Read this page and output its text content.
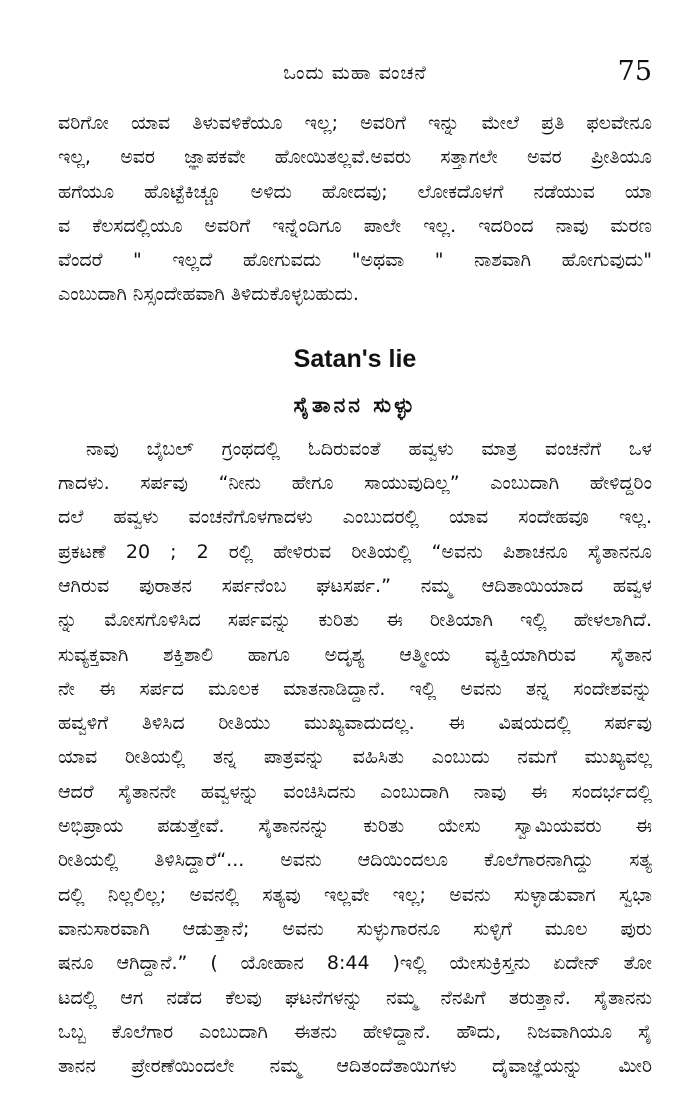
ಒಂದು ಮಹಾ ವಂಚನೆ	75
ವರಿಗೋ ಯಾವ ತಿಳುವಳಿಕೆಯೂ ಇಲ್ಲ; ಅವರಿಗೆ ಇನ್ನು ಮೇಲೆ ಪ್ರತಿ ಫಲವೇನೂ
ಇಲ್ಲ, ಅವರ ಜ್ಞಾಪಕವೇ ಹೋಯಿತಲ್ಲವೆ.ಅವರು ಸತ್ತಾಗಲೇ ಅವರ ಪ್ರೀತಿಯೂ
ಹಗೆಯೂ ಹೊಟ್ಟೆಕಿಚ್ಚೂ ಅಳಿದು ಹೋದವು; ಲೋಕದೊಳಗೆ ನಡೆಯುವ ಯಾ
ವ ಕೆಲಸದಲ್ಲಿಯೂ ಅವರಿಗೆ ಇನ್ನೆಂದಿಗೂ ಪಾಲೇ ಇಲ್ಲ. ಇದರಿಂದ ನಾವು ಮರಣ
ವೆಂದರೆ " ಇಲ್ಲದೆ ಹೋಗುವದು "ಅಥವಾ " ನಾಶವಾಗಿ ಹೋಗುವುದು"
ಎಂಬುದಾಗಿ ನಿಸ್ಸಂದೇಹವಾಗಿ ತಿಳಿದುಕೊಳ್ಳಬಹುದು.
Satan's lie
ಸೈತಾನನ ಸುಳ್ಳು
ನಾವು ಬೈಬಲ್ ಗ್ರಂಥದಲ್ಲಿ ಓದಿರುವಂತೆ ಹವ್ವಳು ಮಾತ್ರ ವಂಚನೆಗೆ ಒಳ
ಗಾದಳು. ಸರ್ಪವು “ನೀನು ಹೇಗೂ ಸಾಯುವುದಿಲ್ಲ” ಎಂಬುದಾಗಿ ಹೇಳಿದ್ದರಿಂ
ದಲೆ ಹವ್ವಳು ವಂಚನೆಗೊಳಗಾದಳು ಎಂಬುದರಲ್ಲಿ ಯಾವ ಸಂದೇಹವೂ ಇಲ್ಲ.
ಪ್ರಕಟಣೆ 20 ; 2 ರಲ್ಲಿ ಹೇಳಿರುವ ರೀತಿಯಲ್ಲಿ “ಅವನು ಪಿಶಾಚನೂ ಸೈತಾನನೂ
ಆಗಿರುವ ಪುರಾತನ ಸರ್ಪನೆಂಬ ಘಟಸರ್ಪ.” ನಮ್ಮ ಆದಿತಾಯಿಯಾದ ಹವ್ವಳ
ನ್ನು ಮೋಸಗೊಳಿಸಿದ ಸರ್ಪವನ್ನು ಕುರಿತು ಈ ರೀತಿಯಾಗಿ ಇಲ್ಲಿ ಹೇಳಲಾಗಿದೆ.
ಸುವ್ಯಕ್ತವಾಗಿ ಶಕ್ತಿಶಾಲಿ ಹಾಗೂ ಅದೃಶ್ಯ ಆತ್ಮೀಯ ವ್ಯಕ್ತಿಯಾಗಿರುವ ಸೈತಾನ
ನೇ ಈ ಸರ್ಪದ ಮೂಲಕ ಮಾತನಾಡಿದ್ದಾನೆ. ಇಲ್ಲಿ ಅವನು ತನ್ನ ಸಂದೇಶವನ್ನು
ಹವ್ವಳಿಗೆ ತಿಳಿಸಿದ ರೀತಿಯು ಮುಖ್ಯವಾದುದಲ್ಲ. ಈ ವಿಷಯದಲ್ಲಿ ಸರ್ಪವು
ಯಾವ ರೀತಿಯಲ್ಲಿ ತನ್ನ ಪಾತ್ರವನ್ನು ವಹಿಸಿತು ಎಂಬುದು ನಮಗೆ ಮುಖ್ಯವಲ್ಲ
ಆದರೆ ಸೈತಾನನೇ ಹವ್ವಳನ್ನು ವಂಚಿಸಿದನು ಎಂಬುದಾಗಿ ನಾವು ಈ ಸಂದರ್ಭದಲ್ಲಿ
ಅಭಿಪ್ರಾಯ ಪಡುತ್ತೇವೆ. ಸೈತಾನನನ್ನು ಕುರಿತು ಯೇಸು ಸ್ವಾಮಿಯವರು ಈ
ರೀತಿಯಲ್ಲಿ ತಿಳಿಸಿದ್ದಾರೆ“... ಅವನು ಆದಿಯಿಂದಲೂ ಕೊಲೆಗಾರನಾಗಿದ್ದು ಸತ್ಯ
ದಲ್ಲಿ ನಿಲ್ಲಲಿಲ್ಲ; ಅವನಲ್ಲಿ ಸತ್ಯವು ಇಲ್ಲವೇ ಇಲ್ಲ; ಅವನು ಸುಳ್ಳಾಡುವಾಗ ಸ್ವಭಾ
ವಾನುಸಾರವಾಗಿ ಆಡುತ್ತಾನೆ; ಅವನು ಸುಳ್ಳುಗಾರನೂ ಸುಳ್ಳಿಗೆ ಮೂಲ ಪುರು
ಷನೂ ಆಗಿದ್ದಾನೆ.” ( ಯೋಹಾನ 8:44 )ಇಲ್ಲಿ ಯೇಸುಕ್ರಿಸ್ತನು ಏದೇನ್ ತೋ
ಟದಲ್ಲಿ ಆಗ ನಡೆದ ಕೆಲವು ಘಟನೆಗಳನ್ನು ನಮ್ಮ ನೆನಪಿಗೆ ತರುತ್ತಾನೆ. ಸೈತಾನನು
ಒಬ್ಬ ಕೊಲೆಗಾರ ಎಂಬುದಾಗಿ ಈತನು ಹೇಳಿದ್ದಾನೆ. ಹೌದು, ನಿಜವಾಗಿಯೂ ಸೈ
ತಾನನ ಪ್ರೇರಣೆಯಿಂದಲೇ ನಮ್ಮ ಆದಿತಂದೆತಾಯಿಗಳು ದೈವಾಜ್ಞೆಯನ್ನು ಮೀರಿ
